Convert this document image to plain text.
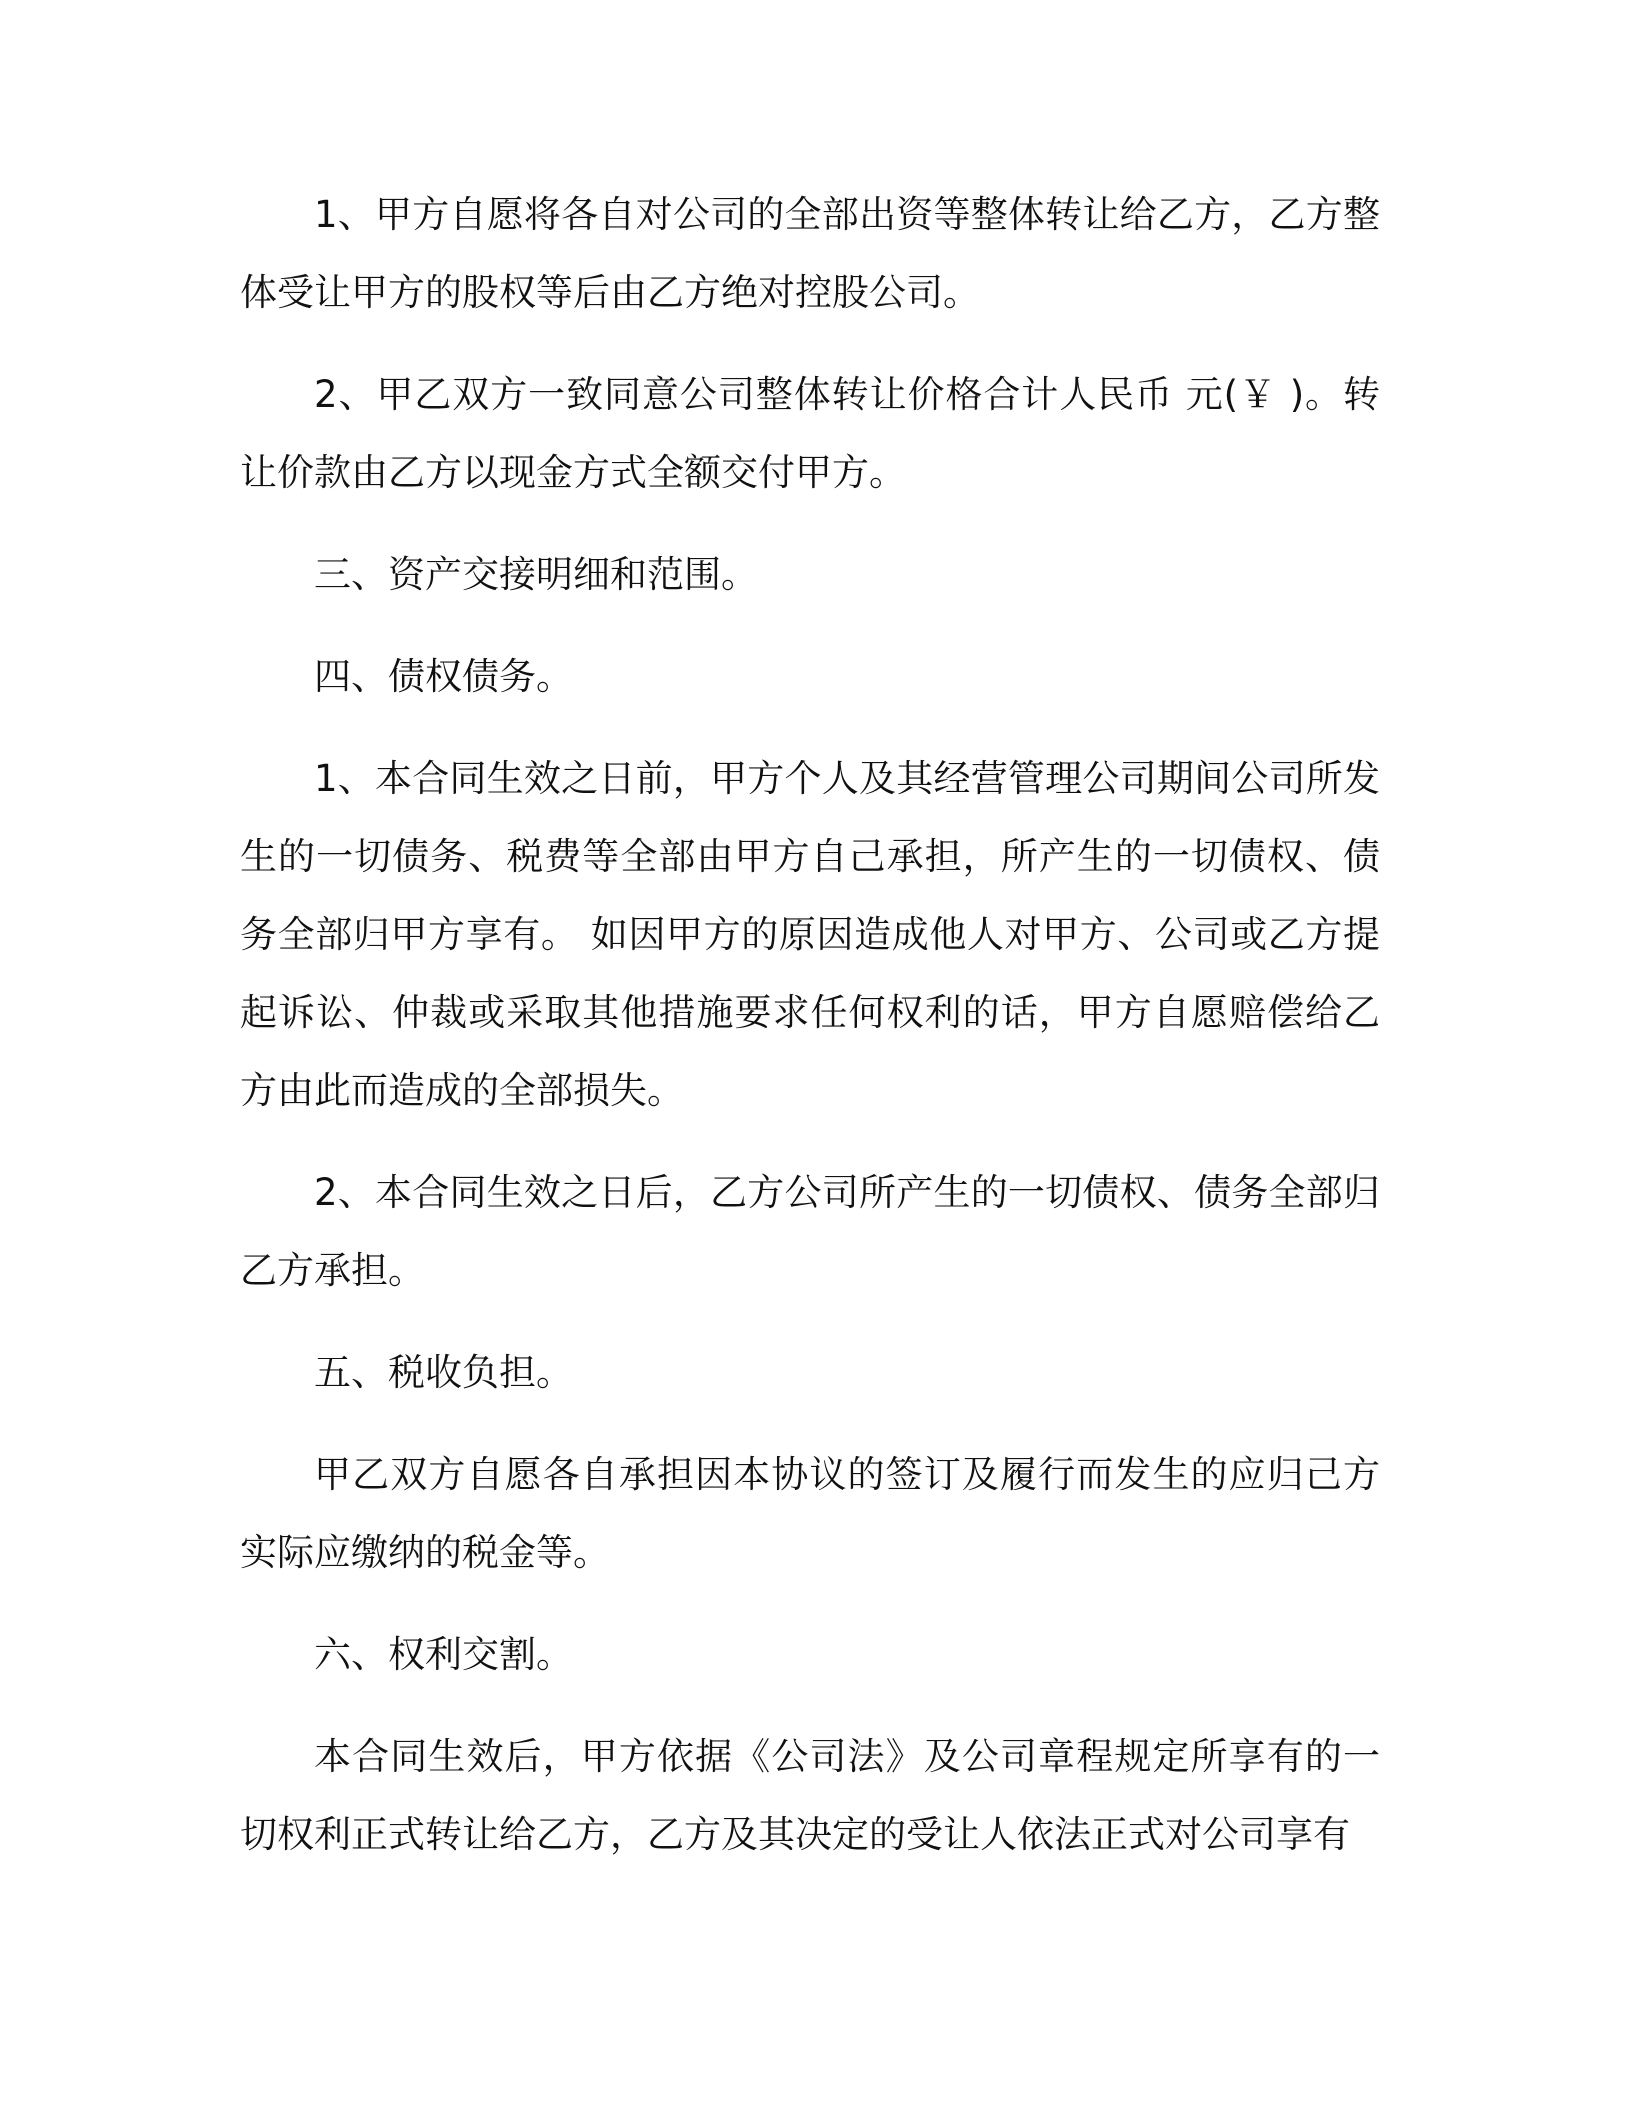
1、甲方自愿将各自对公司的全部出资等整体转让给乙方，乙方整体受让甲方的股权等后由乙方绝对控股公司。

2、甲乙双方一致同意公司整体转让价格合计人民币 元(￥ )。转让价款由乙方以现金方式全额交付甲方。

三、资产交接明细和范围。

四、债权债务。

1、本合同生效之日前，甲方个人及其经营管理公司期间公司所发生的一切债务、税费等全部由甲方自己承担，所产生的一切债权、债务全部归甲方享有。 如因甲方的原因造成他人对甲方、公司或乙方提起诉讼、仲裁或采取其他措施要求任何权利的话，甲方自愿赔偿给乙方由此而造成的全部损失。

2、本合同生效之日后，乙方公司所产生的一切债权、债务全部归乙方承担。

五、税收负担。

甲乙双方自愿各自承担因本协议的签订及履行而发生的应归己方实际应缴纳的税金等。

六、权利交割。

本合同生效后，甲方依据《公司法》及公司章程规定所享有的一切权利正式转让给乙方，乙方及其决定的受让人依法正式对公司享有
